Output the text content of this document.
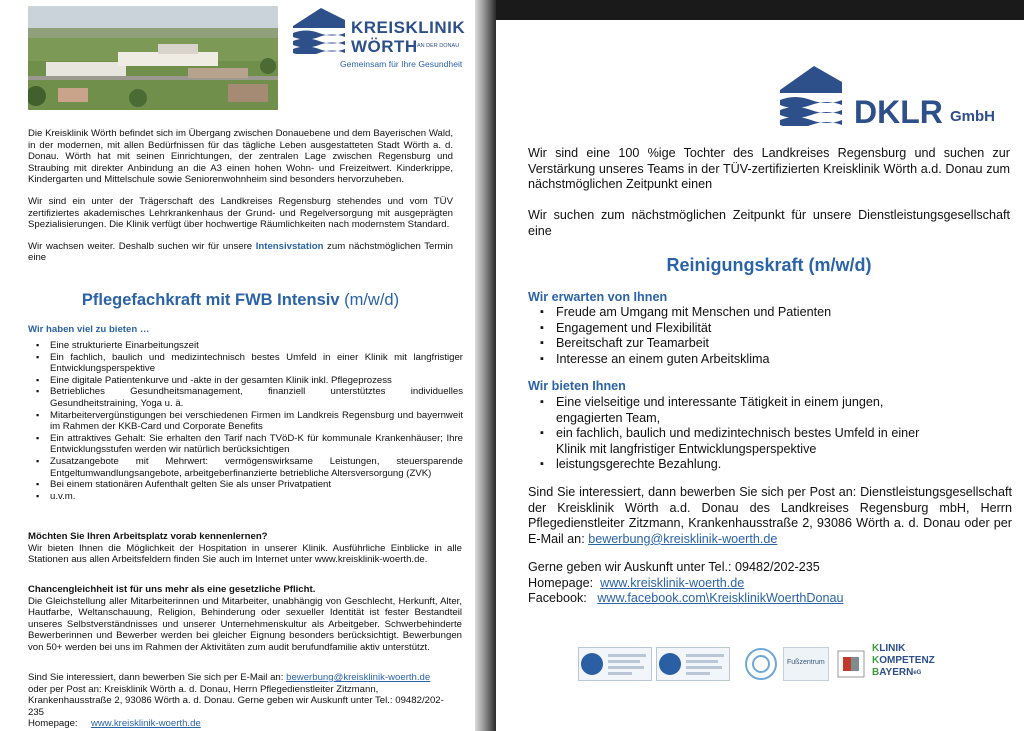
KREISKLINIK
WÖRTH AN DER DONAU
Gemeinsam für Ihre Gesundheit

Die Kreisklinik Wörth befindet sich im Übergang zwischen Donauebene und dem Bayerischen Wald, in der modernen, mit allen Bedürfnissen für das tägliche Leben ausgestatteten Stadt Wörth a. d. Donau. Wörth hat mit seinen Einrichtungen, der zentralen Lage zwischen Regensburg und Straubing mit direkter Anbindung an die A3 einen hohen Wohn- und Freizeitwert. Kinderkrippe, Kindergarten und Mittelschule sowie Seniorenwohnheim sind besonders hervorzuheben.

Wir sind ein unter der Trägerschaft des Landkreises Regensburg stehendes und vom TÜV zertifiziertes akademisches Lehrkrankenhaus der Grund- und Regelversorgung mit ausgeprägten Spezialisierungen. Die Klinik verfügt über hochwertige Räumlichkeiten nach modernstem Standard.

Wir wachsen weiter. Deshalb suchen wir für unsere Intensivstation zum nächstmöglichen Termin eine

Pflegefachkraft mit FWB Intensiv (m/w/d)
Wir haben viel zu bieten …
▪ Eine strukturierte Einarbeitungszeit
▪ Ein fachlich, baulich und medizintechnisch bestes Umfeld in einer Klinik mit langfristiger Entwicklungsperspektive
▪ Eine digitale Patientenkurve und -akte in der gesamten Klinik inkl. Pflegeprozess
▪ Betriebliches Gesundheitsmanagement, finanziell unterstütztes individuelles Gesundheitstraining, Yoga u. ä.
▪ Mitarbeitervergünstigungen bei verschiedenen Firmen im Landkreis Regensburg und bayernweit im Rahmen der KKB-Card und Corporate Benefits
▪ Ein attraktives Gehalt: Sie erhalten den Tarif nach TVöD-K für kommunale Krankenhäuser; Ihre Entwicklungsstufen werden wir natürlich berücksichtigen
▪ Zusatzangebote mit Mehrwert: vermögenswirksame Leistungen, steuersparende Entgeltumwandlungsangebote, arbeitgeberfinanzierte betriebliche Altersversorgung (ZVK)
▪ Bei einem stationären Aufenthalt gelten Sie als unser Privatpatient
▪ u.v.m.
Möchten Sie Ihren Arbeitsplatz vorab kennenlernen?
Wir bieten Ihnen die Möglichkeit der Hospitation in unserer Klinik. Ausführliche Einblicke in alle Stationen aus allen Arbeitsfeldern finden Sie auch im Internet unter www.kreisklinik-woerth.de.
Chancengleichheit ist für uns mehr als eine gesetzliche Pflicht.
Die Gleichstellung aller Mitarbeiterinnen und Mitarbeiter, unabhängig von Geschlecht, Herkunft, Alter, Hautfarbe, Weltanschauung, Religion, Behinderung oder sexueller Identität ist fester Bestandteil unseres Selbstverständnisses und unserer Unternehmenskultur als Arbeitgeber. Schwerbehinderte Bewerberinnen und Bewerber werden bei gleicher Eignung besonders berücksichtigt. Bewerbungen von 50+ werden bei uns im Rahmen der Aktivitäten zum audit berufundfamilie aktiv unterstützt.
Sind Sie interessiert, dann bewerben Sie sich per E-Mail an: bewerbung@kreisklinik-woerth.de oder per Post an: Kreisklinik Wörth a. d. Donau, Herrn Pflegedienstleiter Zitzmann, Krankenhausstraße 2, 93086 Wörth a. d. Donau. Gerne geben wir Auskunft unter Tel.: 09482/202-235
Homepage: www.kreisklinik-woerth.de
DKLR GmbH
Wir sind eine 100 %ige Tochter des Landkreises Regensburg und suchen zur Verstärkung unseres Teams in der TÜV-zertifizierten Kreisklinik Wörth a.d. Donau zum nächstmöglichen Zeitpunkt einen
Wir suchen zum nächstmöglichen Zeitpunkt für unsere Dienstleistungsgesellschaft eine
Reinigungskraft (m/w/d)
Wir erwarten von Ihnen
▪ Freude am Umgang mit Menschen und Patienten
▪ Engagement und Flexibilität
▪ Bereitschaft zur Teamarbeit
▪ Interesse an einem guten Arbeitsklima
Wir bieten Ihnen
▪ Eine vielseitige und interessante Tätigkeit in einem jungen, engagierten Team,
▪ ein fachlich, baulich und medizintechnisch bestes Umfeld in einer Klinik mit langfristiger Entwicklungsperspektive
▪ leistungsgerechte Bezahlung.
Sind Sie interessiert, dann bewerben Sie sich per Post an: Dienstleistungsgesellschaft der Kreisklinik Wörth a.d. Donau des Landkreises Regensburg mbH, Herrn Pflegedienstleiter Zitzmann, Krankenhausstraße 2, 93086 Wörth a. d. Donau oder per E-Mail an: bewerbung@kreisklinik-woerth.de
Gerne geben wir Auskunft unter Tel.: 09482/202-235
Homepage: www.kreisklinik-woerth.de
Facebook: www.facebook.com\KreisklinikWoerthDonau
Fußzentrum
KLINIK
KOMPETENZ
$BAYERN^{eG}$
